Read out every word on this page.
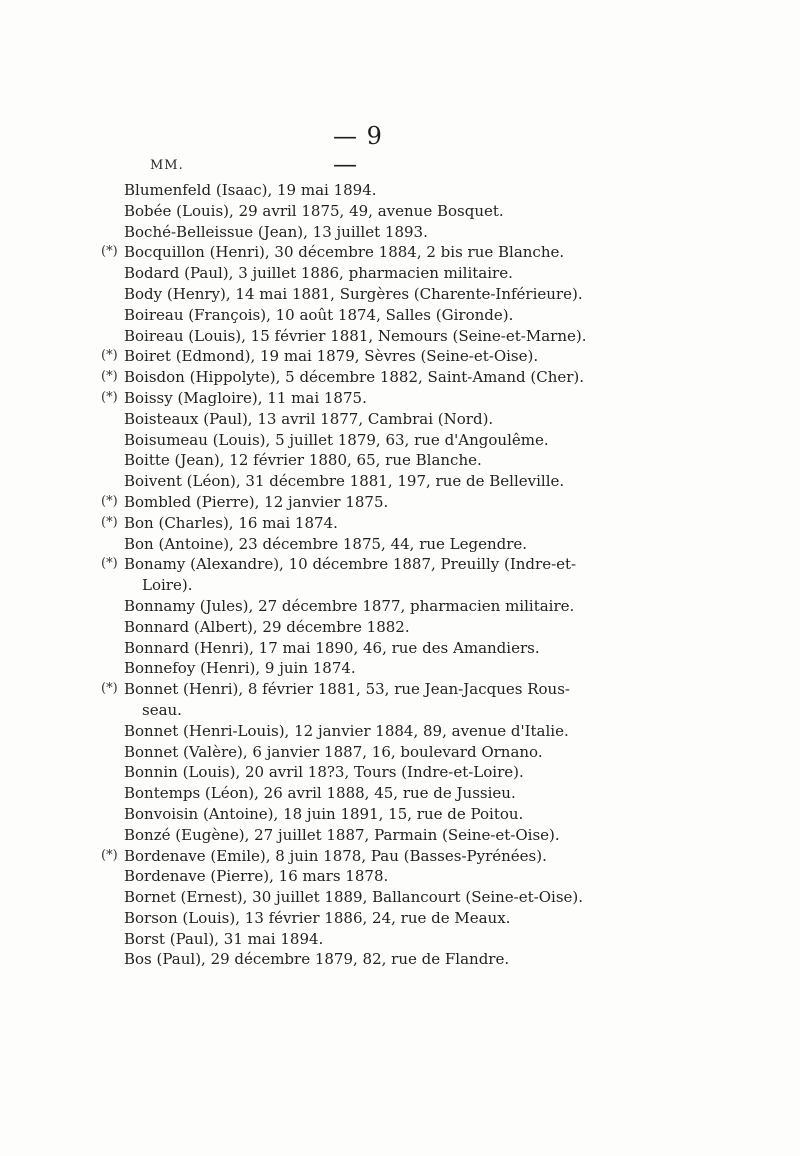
— 9 —
MM.
Blumenfeld (Isaac), 19 mai 1894.
Bobée (Louis), 29 avril 1875, 49, avenue Bosquet.
Boché-Belleissue (Jean), 13 juillet 1893.
(*) Bocquillon (Henri), 30 décembre 1884, 2 bis rue Blanche.
Bodard (Paul), 3 juillet 1886, pharmacien militaire.
Body (Henry), 14 mai 1881, Surgères (Charente-Inférieure).
Boireau (François), 10 août 1874, Salles (Gironde).
Boireau (Louis), 15 février 1881, Nemours (Seine-et-Marne).
(*) Boiret (Edmond), 19 mai 1879, Sèvres (Seine-et-Oise).
(*) Boisdon (Hippolyte), 5 décembre 1882, Saint-Amand (Cher).
(*) Boissy (Magloire), 11 mai 1875.
Boisteaux (Paul), 13 avril 1877, Cambrai (Nord).
Boisumeau (Louis), 5 juillet 1879, 63, rue d'Angoulême.
Boitte (Jean), 12 février 1880, 65, rue Blanche.
Boivent (Léon), 31 décembre 1881, 197, rue de Belleville.
(*) Bombled (Pierre), 12 janvier 1875.
(*) Bon (Charles), 16 mai 1874.
Bon (Antoine), 23 décembre 1875, 44, rue Legendre.
(*) Bonamy (Alexandre), 10 décembre 1887, Preuilly (Indre-et-
Loire).
Bonnamy (Jules), 27 décembre 1877, pharmacien militaire.
Bonnard (Albert), 29 décembre 1882.
Bonnard (Henri), 17 mai 1890, 46, rue des Amandiers.
Bonnefoy (Henri), 9 juin 1874.
(*) Bonnet (Henri), 8 février 1881, 53, rue Jean-Jacques Rous-
seau.
Bonnet (Henri-Louis), 12 janvier 1884, 89, avenue d'Italie.
Bonnet (Valère), 6 janvier 1887, 16, boulevard Ornano.
Bonnin (Louis), 20 avril 18?3, Tours (Indre-et-Loire).
Bontemps (Léon), 26 avril 1888, 45, rue de Jussieu.
Bonvoisin (Antoine), 18 juin 1891, 15, rue de Poitou.
Bonzé (Eugène), 27 juillet 1887, Parmain (Seine-et-Oise).
(*) Bordenave (Emile), 8 juin 1878, Pau (Basses-Pyrénées).
Bordenave (Pierre), 16 mars 1878.
Bornet (Ernest), 30 juillet 1889, Ballancourt (Seine-et-Oise).
Borson (Louis), 13 février 1886, 24, rue de Meaux.
Borst (Paul), 31 mai 1894.
Bos (Paul), 29 décembre 1879, 82, rue de Flandre.
